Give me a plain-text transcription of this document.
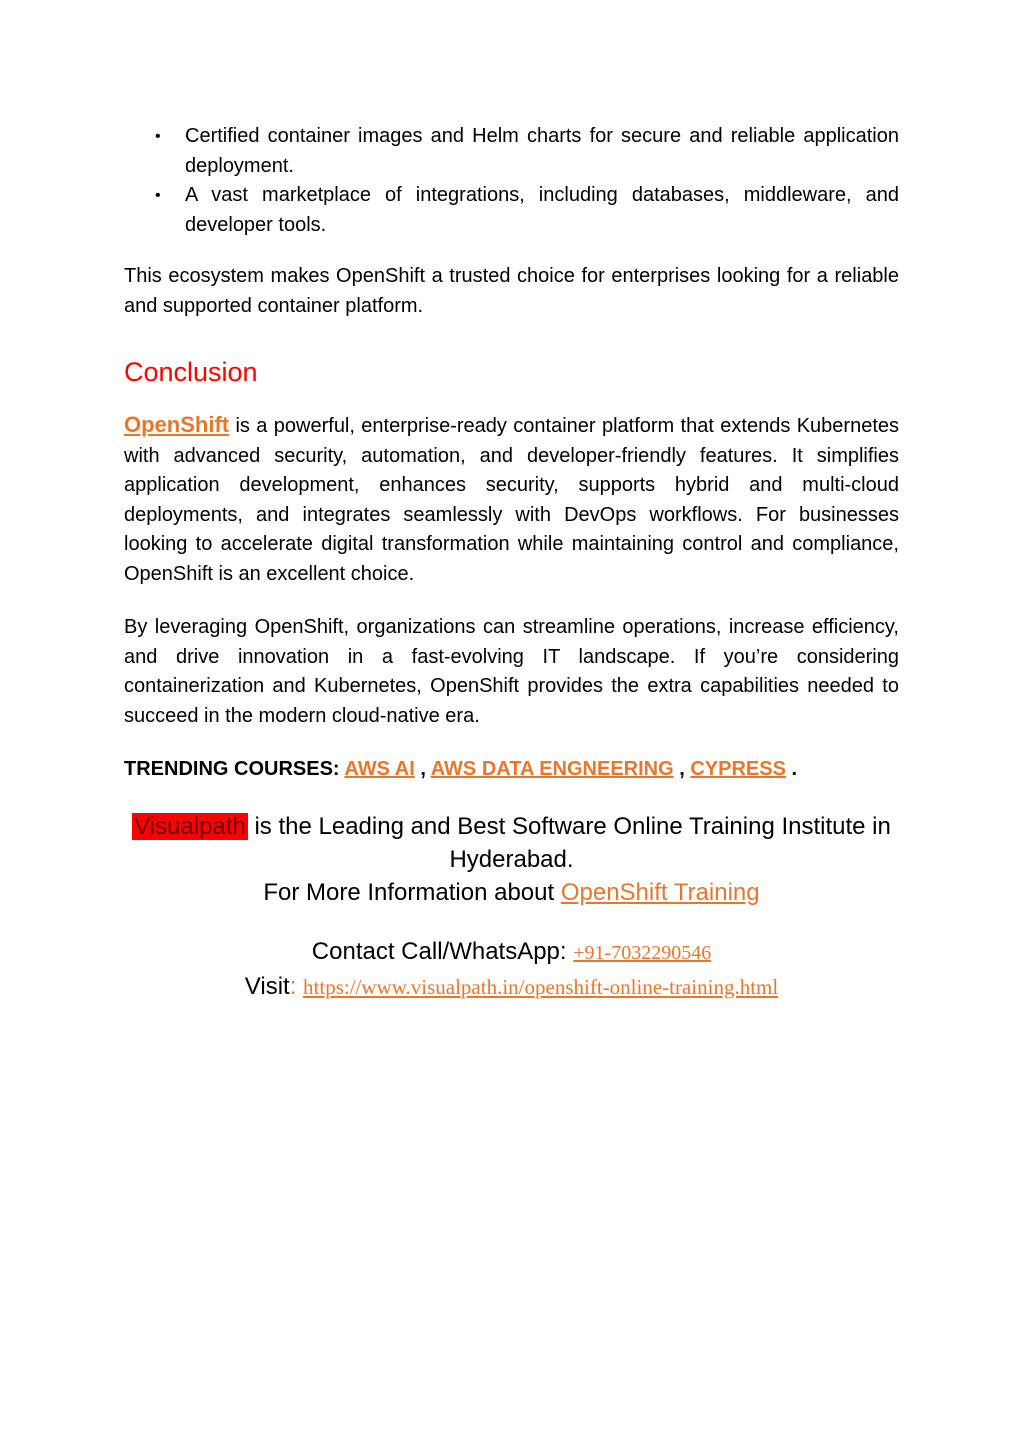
• Certified container images and Helm charts for secure and reliable application deployment.
• A vast marketplace of integrations, including databases, middleware, and developer tools.

This ecosystem makes OpenShift a trusted choice for enterprises looking for a reliable and supported container platform.

Conclusion

OpenShift is a powerful, enterprise-ready container platform that extends Kubernetes with advanced security, automation, and developer-friendly features. It simplifies application development, enhances security, supports hybrid and multi-cloud deployments, and integrates seamlessly with DevOps workflows. For businesses looking to accelerate digital transformation while maintaining control and compliance, OpenShift is an excellent choice.

By leveraging OpenShift, organizations can streamline operations, increase efficiency, and drive innovation in a fast-evolving IT landscape. If you’re considering containerization and Kubernetes, OpenShift provides the extra capabilities needed to succeed in the modern cloud-native era.

TRENDING COURSES: AWS AI , AWS DATA ENGNEERING , CYPRESS .
Visualpath is the Leading and Best Software Online Training Institute in Hyderabad.
For More Information about OpenShift Training
Contact Call/WhatsApp: +91-7032290546
Visit: https://www.visualpath.in/openshift-online-training.html
